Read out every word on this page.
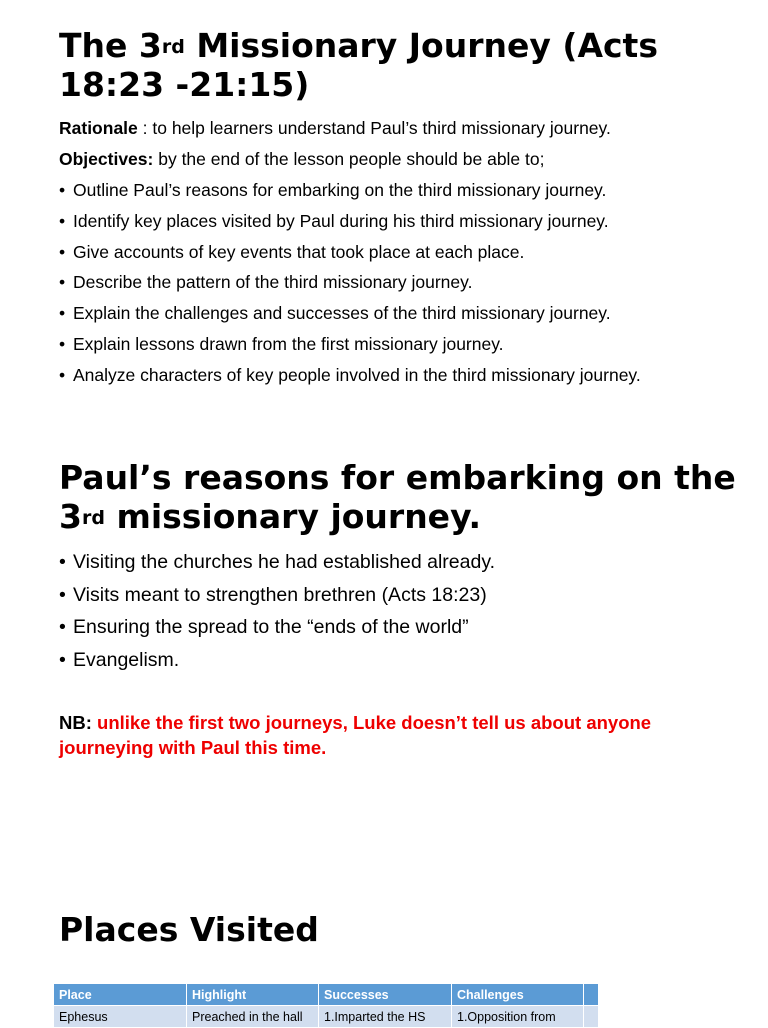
The 3rd Missionary Journey (Acts 18:23 -21:15)

Rationale : to help learners understand Paul’s third missionary journey.

Objectives: by the end of the lesson people should be able to;

• Outline Paul’s reasons for embarking on the third missionary journey.
• Identify key places visited by Paul during his third missionary journey.
• Give accounts of key events that took place at each place.
• Describe the pattern of the third missionary journey.
• Explain the challenges and successes of the third missionary journey.
• Explain lessons drawn from the first missionary journey.
• Analyze characters of key people involved in the third missionary journey.
Paul’s reasons for embarking on the 3rd missionary journey.
• Visiting the churches he had established already.
• Visits meant to strengthen brethren (Acts 18:23)
• Ensuring the spread to the “ends of the world”
• Evangelism.

NB: unlike the first two journeys, Luke doesn’t tell us about anyone journeying with Paul this time.

Places Visited
Place	Highlight	Successes	Challenges	
Ephesus	Preached in the hall	1.Imparted the HS	1.Opposition from	
